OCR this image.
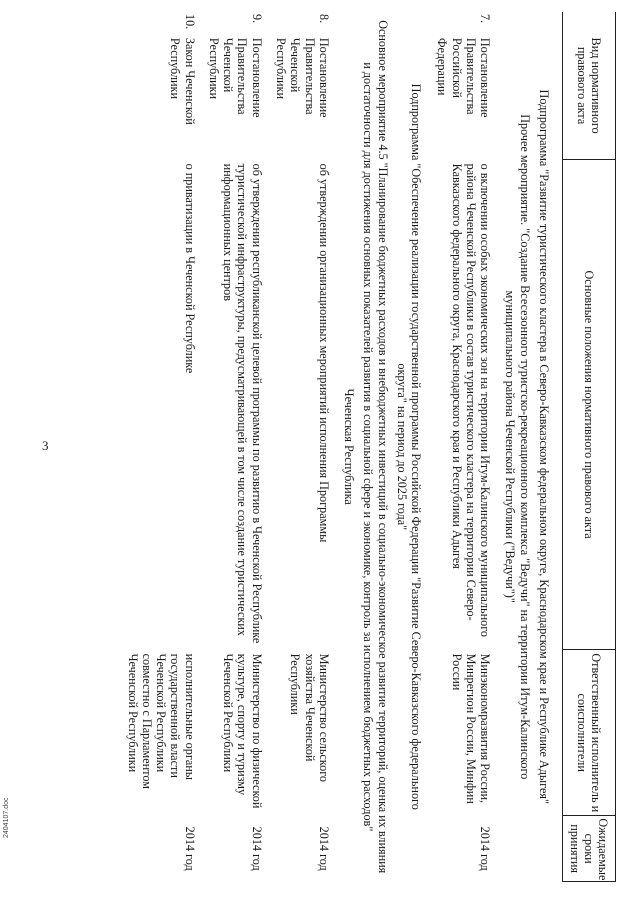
3
2404107.doc
Вид нормативного правового акта		Основные положения нормативного правового акта	Ответственный исполнитель и соисполнители	Ожидаемые сроки принятия

Подпрограмма "Развитие туристического кластера в Северо-Кавказском федеральном округе, Краснодарском крае и Республике Адыгея"				
Прочее мероприятие. "Создание Всесезонного туристско-рекреационного комплекса "Ведучи" на территории Итум-Калинского муниципального района Чеченской Республики ("Ведучи")"				

7.	Постановление Правительства Российской Федерации	о включении особых экономических зон на территории Итум-Калинского муниципального района Чеченской Республики в состав туристического кластера на территории Северо-Кавказского федерального округа, Краснодарского края и Республики Адыгея	Минэкономразвития России, Минрегион России, Минфин России	2014 год

Подпрограмма "Обеспечение реализации государственной программы Российской Федерации "Развитие Северо-Кавказского федерального округа" на период до 2025 года"				
Основное мероприятие 4.5 "Планирование бюджетных расходов и внебюджетных инвестиций в социально-экономическое развитие территорий, оценка их влияния и достаточности для достижения основных показателей развития в социальной сфере и экономике, контроль за исполнением бюджетных расходов"				
Чеченская Республика				

8.	Постановление Правительства Чеченской Республики	об утверждении организационных мероприятий исполнения Программы	Министерство сельского хозяйства Чеченской Республики	2014 год

9.	Постановление Правительства Чеченской Республики	об утверждении республиканской целевой программы по развитию в Чеченской Республике туристической инфраструктуры, предусматривающей в том числе создание туристических информационных центров	Министерство по физической культуре, спорту и туризму Чеченской Республики	2014 год

10.	Закон Чеченской Республики	о приватизации в Чеченской Республике	исполнительные органы государственной власти Чеченской Республики совместно с Парламентом Чеченской Республики	2014 год
